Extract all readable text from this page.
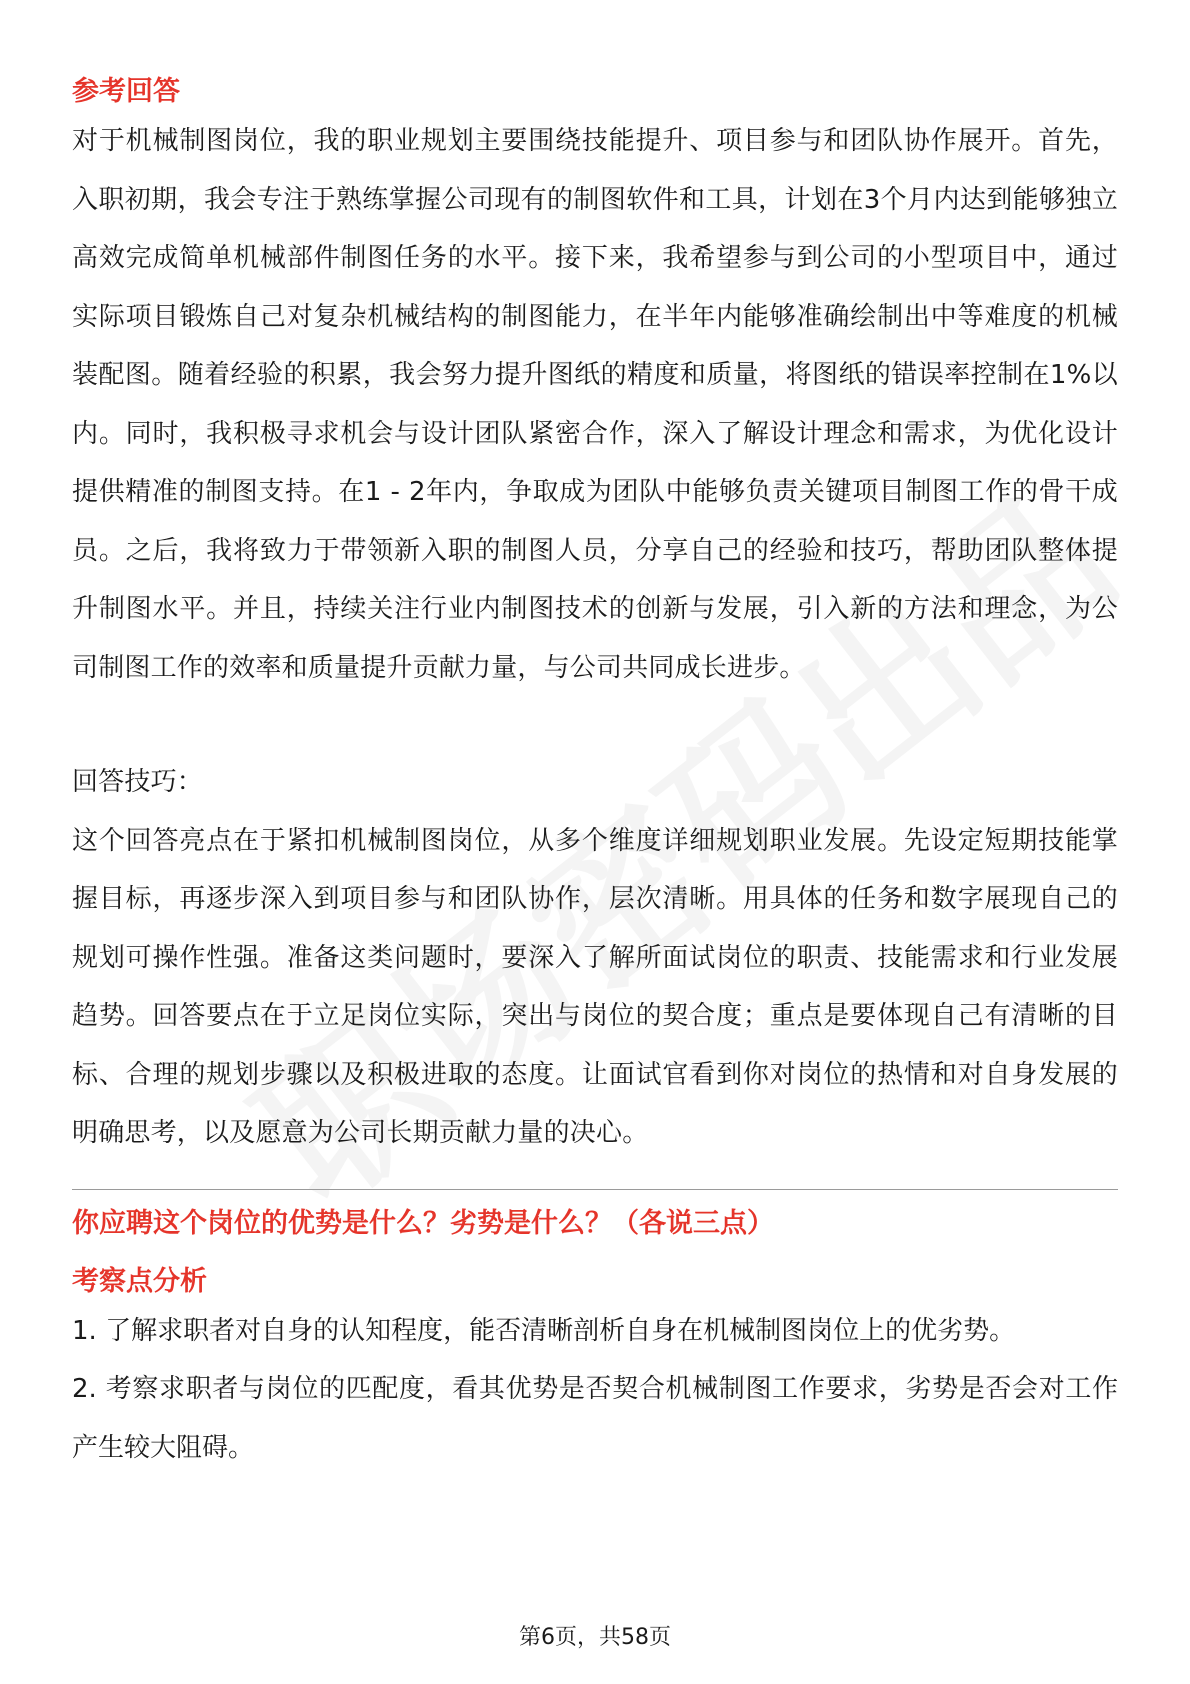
参考回答

对于机械制图岗位，我的职业规划主要围绕技能提升、项目参与和团队协作展开。首先，入职初期，我会专注于熟练掌握公司现有的制图软件和工具，计划在3个月内达到能够独立高效完成简单机械部件制图任务的水平。接下来，我希望参与到公司的小型项目中，通过实际项目锻炼自己对复杂机械结构的制图能力，在半年内能够准确绘制出中等难度的机械装配图。随着经验的积累，我会努力提升图纸的精度和质量，将图纸的错误率控制在1%以内。同时，我积极寻求机会与设计团队紧密合作，深入了解设计理念和需求，为优化设计提供精准的制图支持。在1 - 2年内，争取成为团队中能够负责关键项目制图工作的骨干成员。之后，我将致力于带领新入职的制图人员，分享自己的经验和技巧，帮助团队整体提升制图水平。并且，持续关注行业内制图技术的创新与发展，引入新的方法和理念，为公司制图工作的效率和质量提升贡献力量，与公司共同成长进步。

回答技巧：

这个回答亮点在于紧扣机械制图岗位，从多个维度详细规划职业发展。先设定短期技能掌握目标，再逐步深入到项目参与和团队协作，层次清晰。用具体的任务和数字展现自己的规划可操作性强。准备这类问题时，要深入了解所面试岗位的职责、技能需求和行业发展趋势。回答要点在于立足岗位实际，突出与岗位的契合度；重点是要体现自己有清晰的目标、合理的规划步骤以及积极进取的态度。让面试官看到你对岗位的热情和对自身发展的明确思考，以及愿意为公司长期贡献力量的决心。

你应聘这个岗位的优势是什么？劣势是什么？（各说三点）
考察点分析

1. 了解求职者对自身的认知程度，能否清晰剖析自身在机械制图岗位上的优劣势。

2. 考察求职者与岗位的匹配度，看其优势是否契合机械制图工作要求，劣势是否会对工作产生较大阻碍。

第6页，共58页
